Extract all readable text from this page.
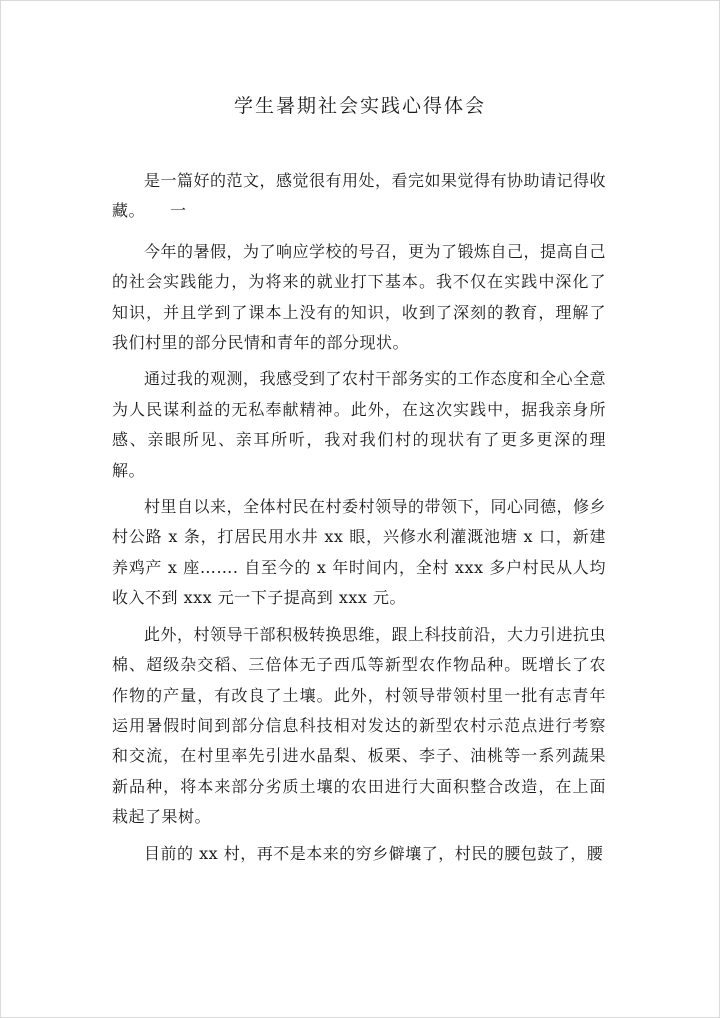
学生暑期社会实践心得体会

是一篇好的范文，感觉很有用处，看完如果觉得有协助请记得收藏。　　一

今年的暑假，为了响应学校的号召，更为了锻炼自己，提高自己的社会实践能力，为将来的就业打下基本。我不仅在实践中深化了知识，并且学到了课本上没有的知识，收到了深刻的教育，理解了我们村里的部分民情和青年的部分现状。

通过我的观测，我感受到了农村干部务实的工作态度和全心全意为人民谋利益的无私奉献精神。此外，在这次实践中，据我亲身所感、亲眼所见、亲耳所听，我对我们村的现状有了更多更深的理解。

村里自以来，全体村民在村委村领导的带领下，同心同德，修乡村公路 x 条，打居民用水井 xx 眼，兴修水利灌溉池塘 x 口，新建养鸡产 x 座……. 自至今的 x 年时间内，全村 xxx 多户村民从人均收入不到 xxx 元一下子提高到 xxx 元。

此外，村领导干部积极转换思维，跟上科技前沿，大力引进抗虫棉、超级杂交稻、三倍体无子西瓜等新型农作物品种。既增长了农作物的产量，有改良了土壤。此外，村领导带领村里一批有志青年运用暑假时间到部分信息科技相对发达的新型农村示范点进行考察和交流，在村里率先引进水晶梨、板栗、李子、油桃等一系列蔬果新品种，将本来部分劣质土壤的农田进行大面积整合改造，在上面栽起了果树。

目前的 xx 村，再不是本来的穷乡僻壤了，村民的腰包鼓了，腰
